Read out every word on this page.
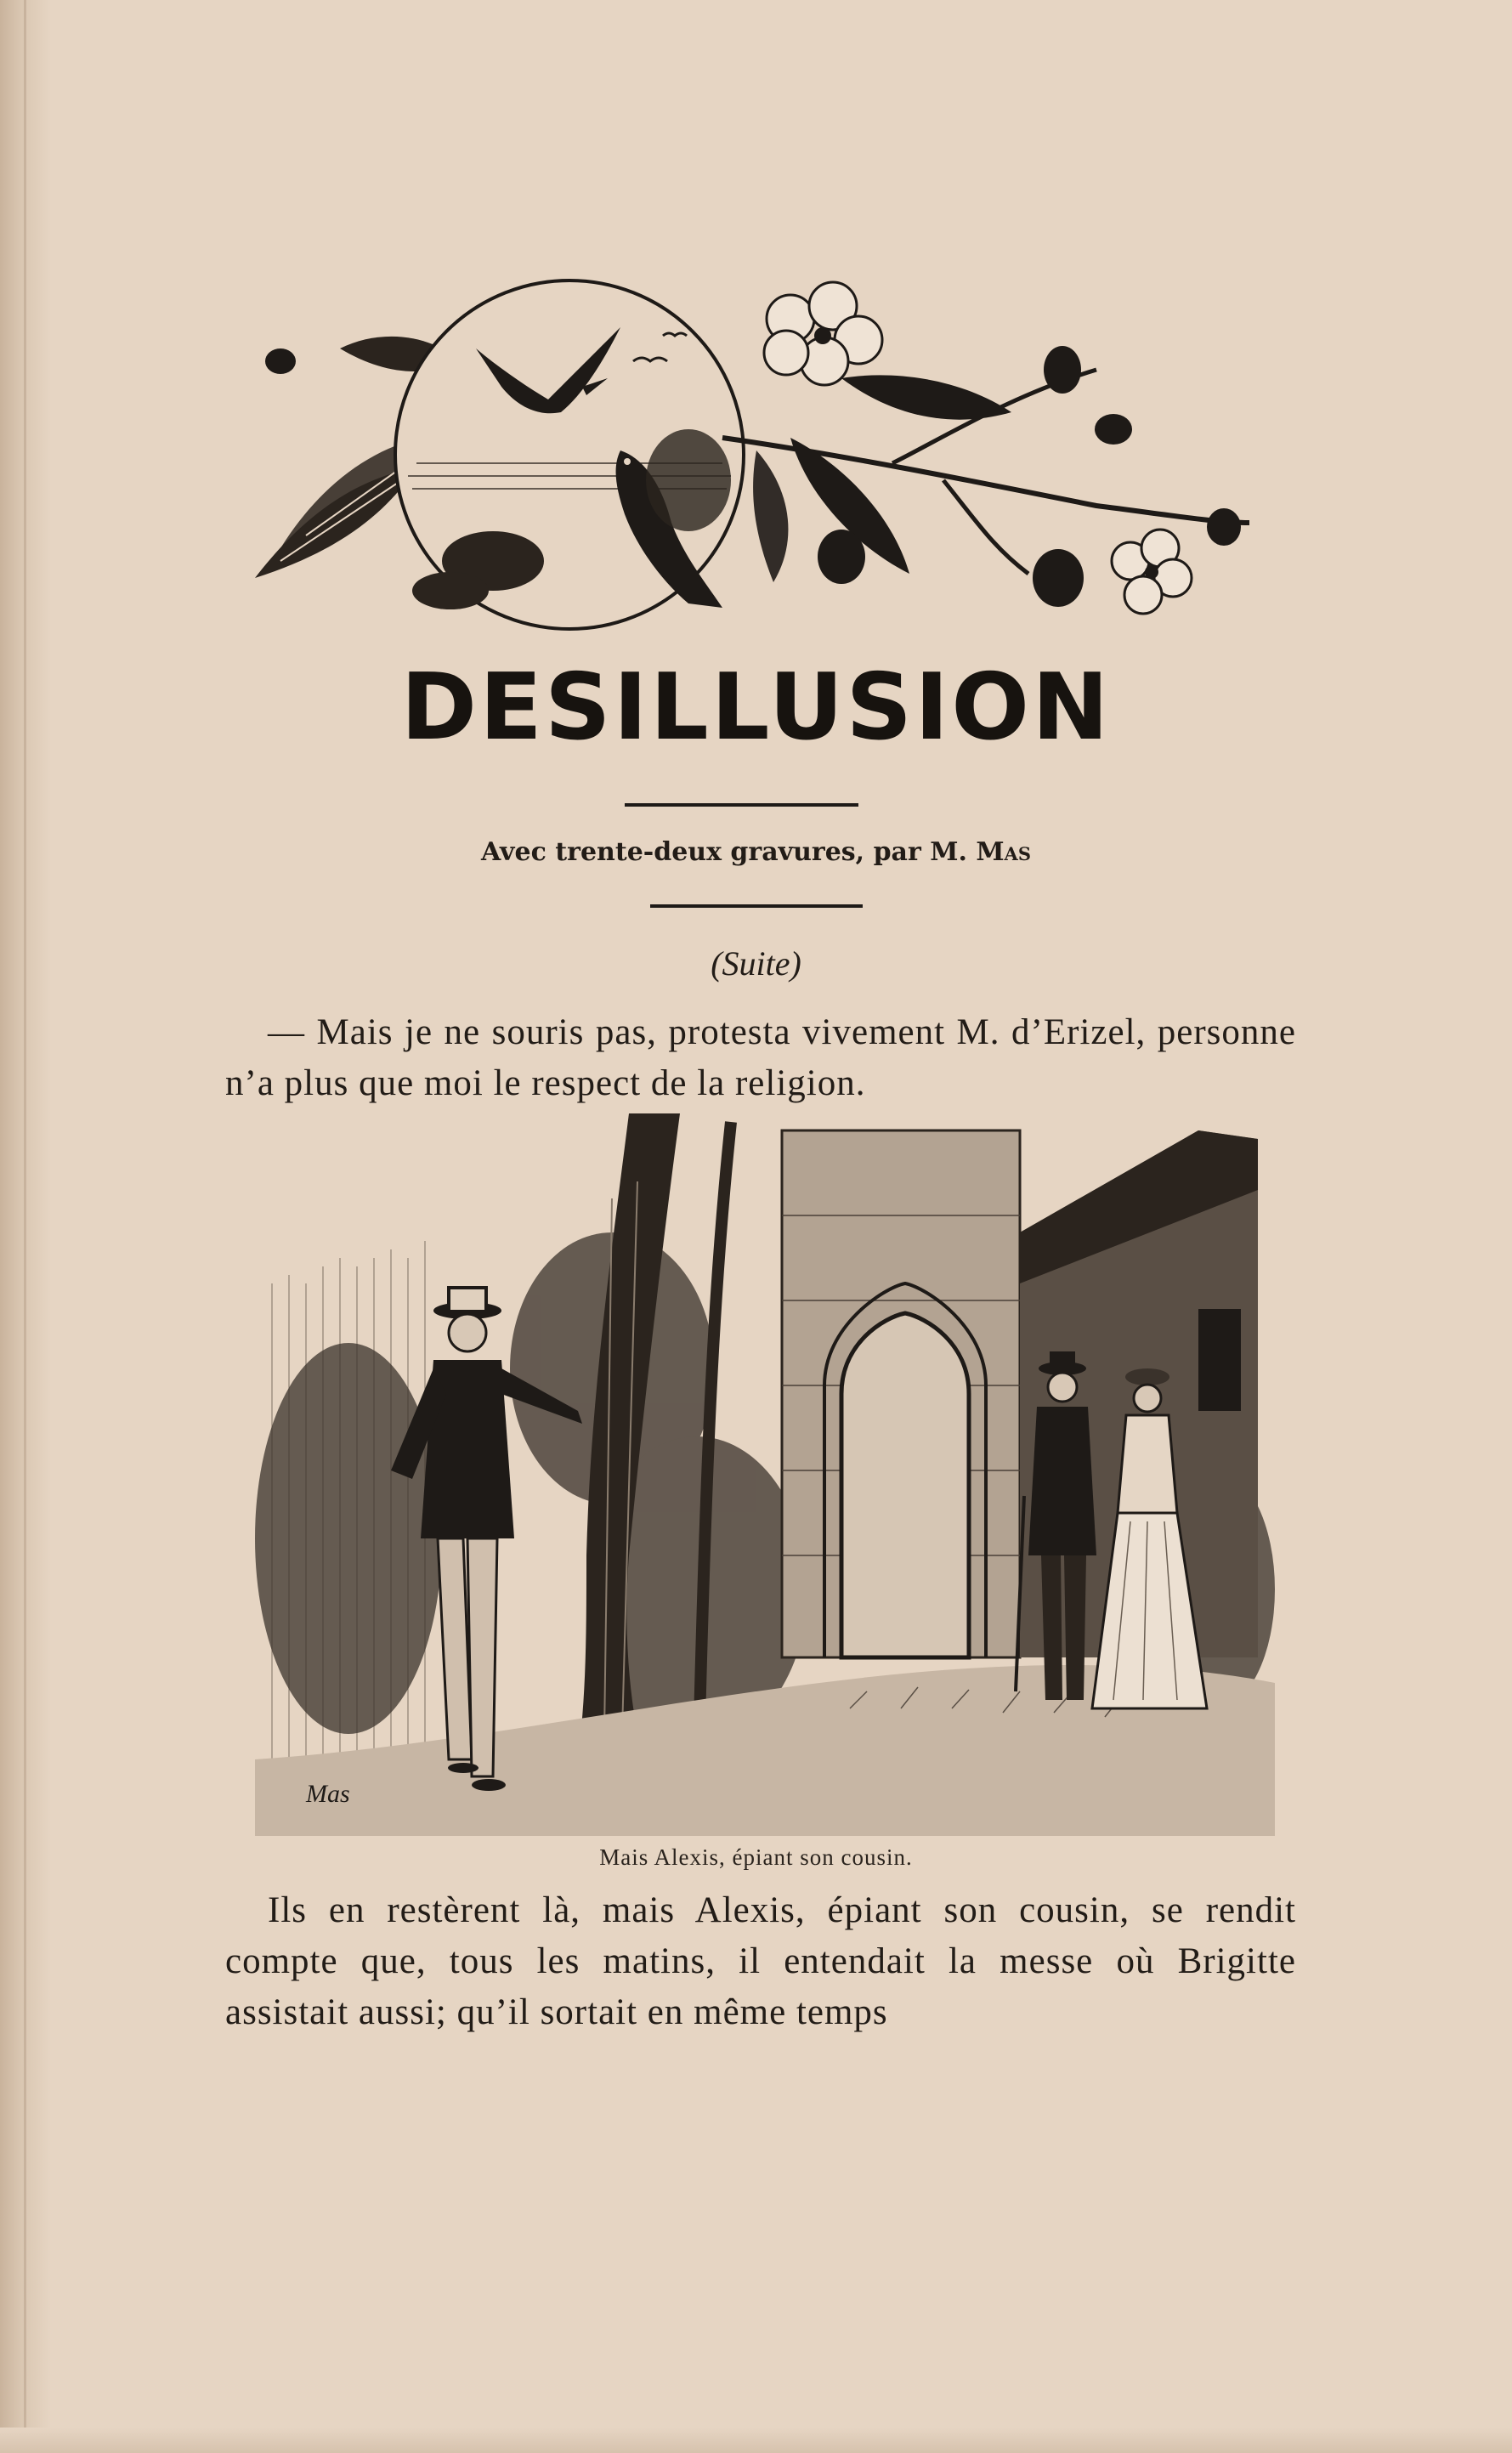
DESILLUSION
Avec trente-deux gravures, par M. Mas
(Suite)
— Mais je ne souris pas, protesta vivement M. d’Erizel, personne n’a plus que moi le respect de la religion.
Mas
Mais Alexis, épiant son cousin.
Ils en restèrent là, mais Alexis, épiant son cousin, se rendit compte que, tous les matins, il entendait la messe où Brigitte assistait aussi; qu’il sortait en même temps
